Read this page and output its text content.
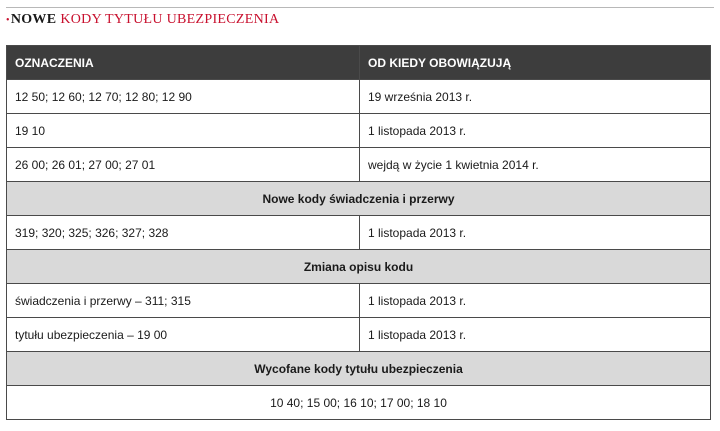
• NOWE KODY TYTUŁU UBEZPIECZENIA
OZNACZENIA	OD KIEDY OBOWIĄZUJĄ
12 50; 12 60; 12 70; 12 80; 12 90	19 września 2013 r.
19 10	1 listopada 2013 r.
26 00; 26 01; 27 00; 27 01	wejdą w życie 1 kwietnia 2014 r.
Nowe kody świadczenia i przerwy	
319; 320; 325; 326; 327; 328	1 listopada 2013 r.
Zmiana opisu kodu	
świadczenia i przerwy – 311; 315	1 listopada 2013 r.
tytułu ubezpieczenia – 19 00	1 listopada 2013 r.
Wycofane kody tytułu ubezpieczenia	
10 40; 15 00; 16 10; 17 00; 18 10	
